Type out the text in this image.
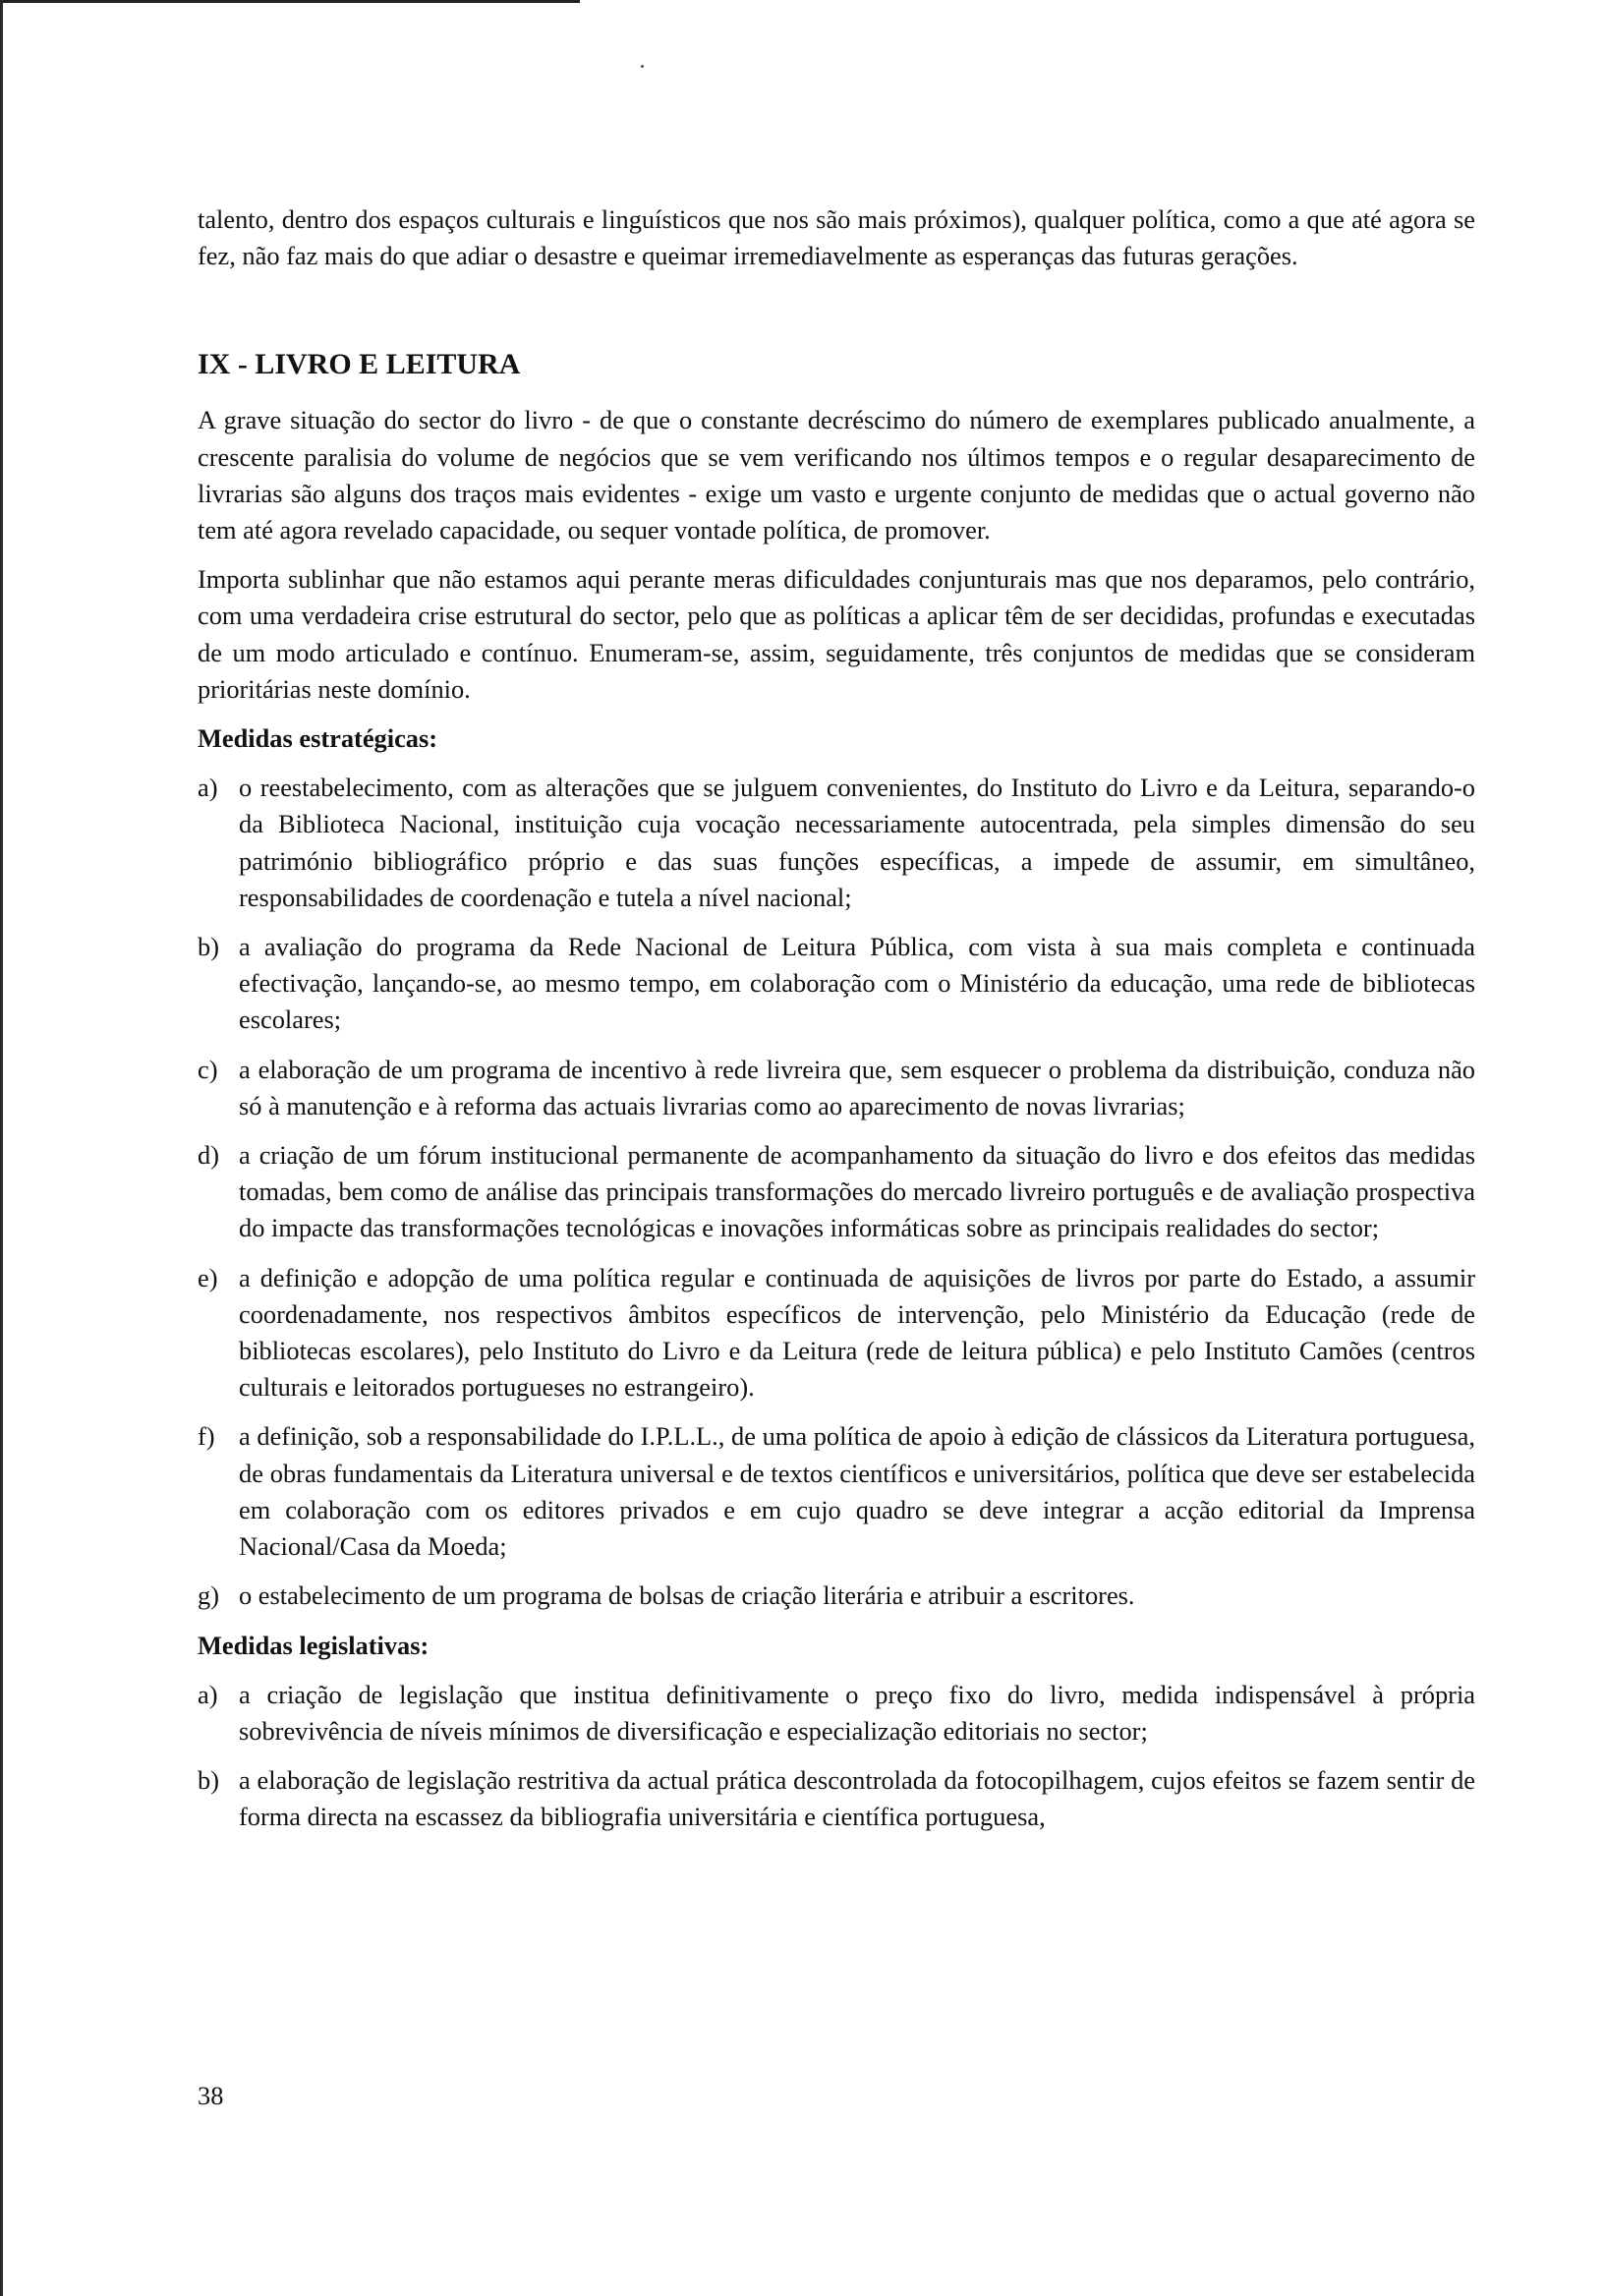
talento, dentro dos espaços culturais e linguísticos que nos são mais próximos), qualquer política, como a que até agora se fez, não faz mais do que adiar o desastre e queimar irremediavelmente as esperanças das futuras gerações.

IX - LIVRO E LEITURA

A grave situação do sector do livro - de que o constante decréscimo do número de exemplares publicado anualmente, a crescente paralisia do volume de negócios que se vem verificando nos últimos tempos e o regular desaparecimento de livrarias são alguns dos traços mais evidentes - exige um vasto e urgente conjunto de medidas que o actual governo não tem até agora revelado capacidade, ou sequer vontade política, de promover.

Importa sublinhar que não estamos aqui perante meras dificuldades conjunturais mas que nos deparamos, pelo contrário, com uma verdadeira crise estrutural do sector, pelo que as políticas a aplicar têm de ser decididas, profundas e executadas de um modo articulado e contínuo. Enumeram-se, assim, seguidamente, três conjuntos de medidas que se consideram prioritárias neste domínio.

Medidas estratégicas:

a) o reestabelecimento, com as alterações que se julguem convenientes, do Instituto do Livro e da Leitura, separando-o da Biblioteca Nacional, instituição cuja vocação necessariamente autocentrada, pela simples dimensão do seu património bibliográfico próprio e das suas funções específicas, a impede de assumir, em simultâneo, responsabilidades de coordenação e tutela a nível nacional;
b) a avaliação do programa da Rede Nacional de Leitura Pública, com vista à sua mais completa e continuada efectivação, lançando-se, ao mesmo tempo, em colaboração com o Ministério da educação, uma rede de bibliotecas escolares;
c) a elaboração de um programa de incentivo à rede livreira que, sem esquecer o problema da distribuição, conduza não só à manutenção e à reforma das actuais livrarias como ao aparecimento de novas livrarias;
d) a criação de um fórum institucional permanente de acompanhamento da situação do livro e dos efeitos das medidas tomadas, bem como de análise das principais transformações do mercado livreiro português e de avaliação prospectiva do impacte das transformações tecnológicas e inovações informáticas sobre as principais realidades do sector;
e) a definição e adopção de uma política regular e continuada de aquisições de livros por parte do Estado, a assumir coordenadamente, nos respectivos âmbitos específicos de intervenção, pelo Ministério da Educação (rede de bibliotecas escolares), pelo Instituto do Livro e da Leitura (rede de leitura pública) e pelo Instituto Camões (centros culturais e leitorados portugueses no estrangeiro).
f) a definição, sob a responsabilidade do I.P.L.L., de uma política de apoio à edição de clássicos da Literatura portuguesa, de obras fundamentais da Literatura universal e de textos científicos e universitários, política que deve ser estabelecida em colaboração com os editores privados e em cujo quadro se deve integrar a acção editorial da Imprensa Nacional/Casa da Moeda;
g) o estabelecimento de um programa de bolsas de criação literária e atribuir a escritores.

Medidas legislativas:

a) a criação de legislação que institua definitivamente o preço fixo do livro, medida indispensável à própria sobrevivência de níveis mínimos de diversificação e especialização editoriais no sector;
b) a elaboração de legislação restritiva da actual prática descontrolada da fotocopilhagem, cujos efeitos se fazem sentir de forma directa na escassez da bibliografia universitária e científica portuguesa,
38
